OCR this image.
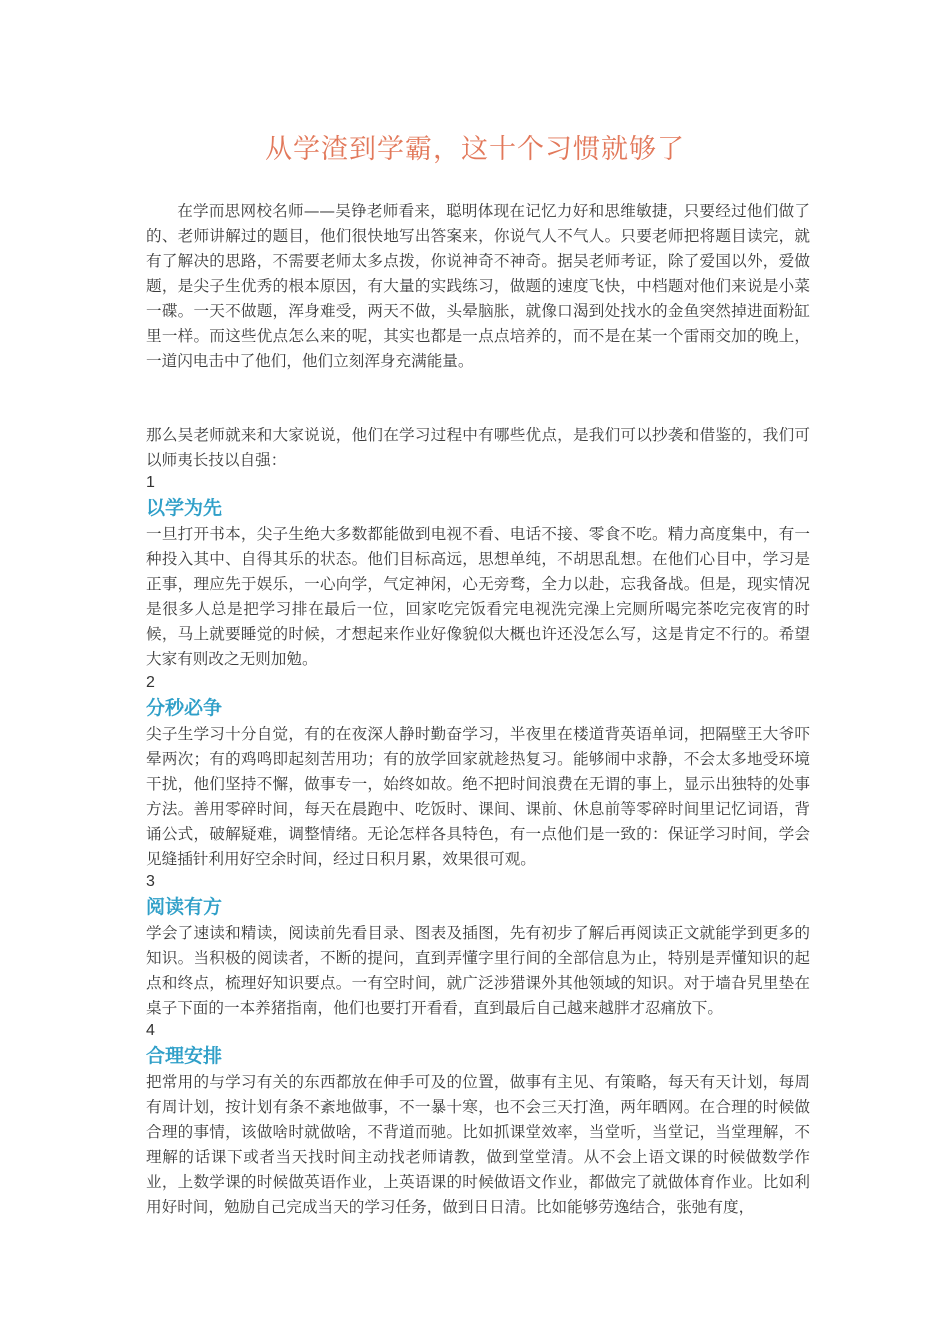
从学渣到学霸，这十个习惯就够了

在学而思网校名师——吴铮老师看来，聪明体现在记忆力好和思维敏捷，只要经过他们做了的、老师讲解过的题目，他们很快地写出答案来，你说气人不气人。只要老师把将题目读完，就有了解决的思路，不需要老师太多点拨，你说神奇不神奇。据吴老师考证，除了爱国以外，爱做题，是尖子生优秀的根本原因，有大量的实践练习，做题的速度飞快，中档题对他们来说是小菜一碟。一天不做题，浑身难受，两天不做，头晕脑胀，就像口渴到处找水的金鱼突然掉进面粉缸里一样。而这些优点怎么来的呢，其实也都是一点点培养的，而不是在某一个雷雨交加的晚上，一道闪电击中了他们，他们立刻浑身充满能量。

那么吴老师就来和大家说说，他们在学习过程中有哪些优点，是我们可以抄袭和借鉴的，我们可以师夷长技以自强：

1
以学为先

一旦打开书本，尖子生绝大多数都能做到电视不看、电话不接、零食不吃。精力高度集中，有一种投入其中、自得其乐的状态。他们目标高远，思想单纯，不胡思乱想。在他们心目中，学习是正事，理应先于娱乐，一心向学，气定神闲，心无旁骛，全力以赴，忘我备战。但是，现实情况是很多人总是把学习排在最后一位，回家吃完饭看完电视洗完澡上完厕所喝完茶吃完夜宵的时候，马上就要睡觉的时候，才想起来作业好像貌似大概也许还没怎么写，这是肯定不行的。希望大家有则改之无则加勉。

2
分秒必争

尖子生学习十分自觉，有的在夜深人静时勤奋学习，半夜里在楼道背英语单词，把隔壁王大爷吓晕两次；有的鸡鸣即起刻苦用功；有的放学回家就趁热复习。能够闹中求静，不会太多地受环境干扰，他们坚持不懈，做事专一，始终如故。绝不把时间浪费在无谓的事上，显示出独特的处事方法。善用零碎时间，每天在晨跑中、吃饭时、课间、课前、休息前等零碎时间里记忆词语，背诵公式，破解疑难，调整情绪。无论怎样各具特色，有一点他们是一致的：保证学习时间，学会见缝插针利用好空余时间，经过日积月累，效果很可观。

3
阅读有方

学会了速读和精读，阅读前先看目录、图表及插图，先有初步了解后再阅读正文就能学到更多的知识。当积极的阅读者，不断的提问，直到弄懂字里行间的全部信息为止，特别是弄懂知识的起点和终点，梳理好知识要点。一有空时间，就广泛涉猎课外其他领域的知识。对于墙旮旯里垫在桌子下面的一本养猪指南，他们也要打开看看，直到最后自己越来越胖才忍痛放下。

4
合理安排

把常用的与学习有关的东西都放在伸手可及的位置，做事有主见、有策略，每天有天计划，每周有周计划，按计划有条不紊地做事，不一暴十寒，也不会三天打渔，两年晒网。在合理的时候做合理的事情，该做啥时就做啥，不背道而驰。比如抓课堂效率，当堂听，当堂记，当堂理解，不理解的话课下或者当天找时间主动找老师请教，做到堂堂清。从不会上语文课的时候做数学作业，上数学课的时候做英语作业，上英语课的时候做语文作业，都做完了就做体育作业。比如利用好时间，勉励自己完成当天的学习任务，做到日日清。比如能够劳逸结合，张弛有度，
